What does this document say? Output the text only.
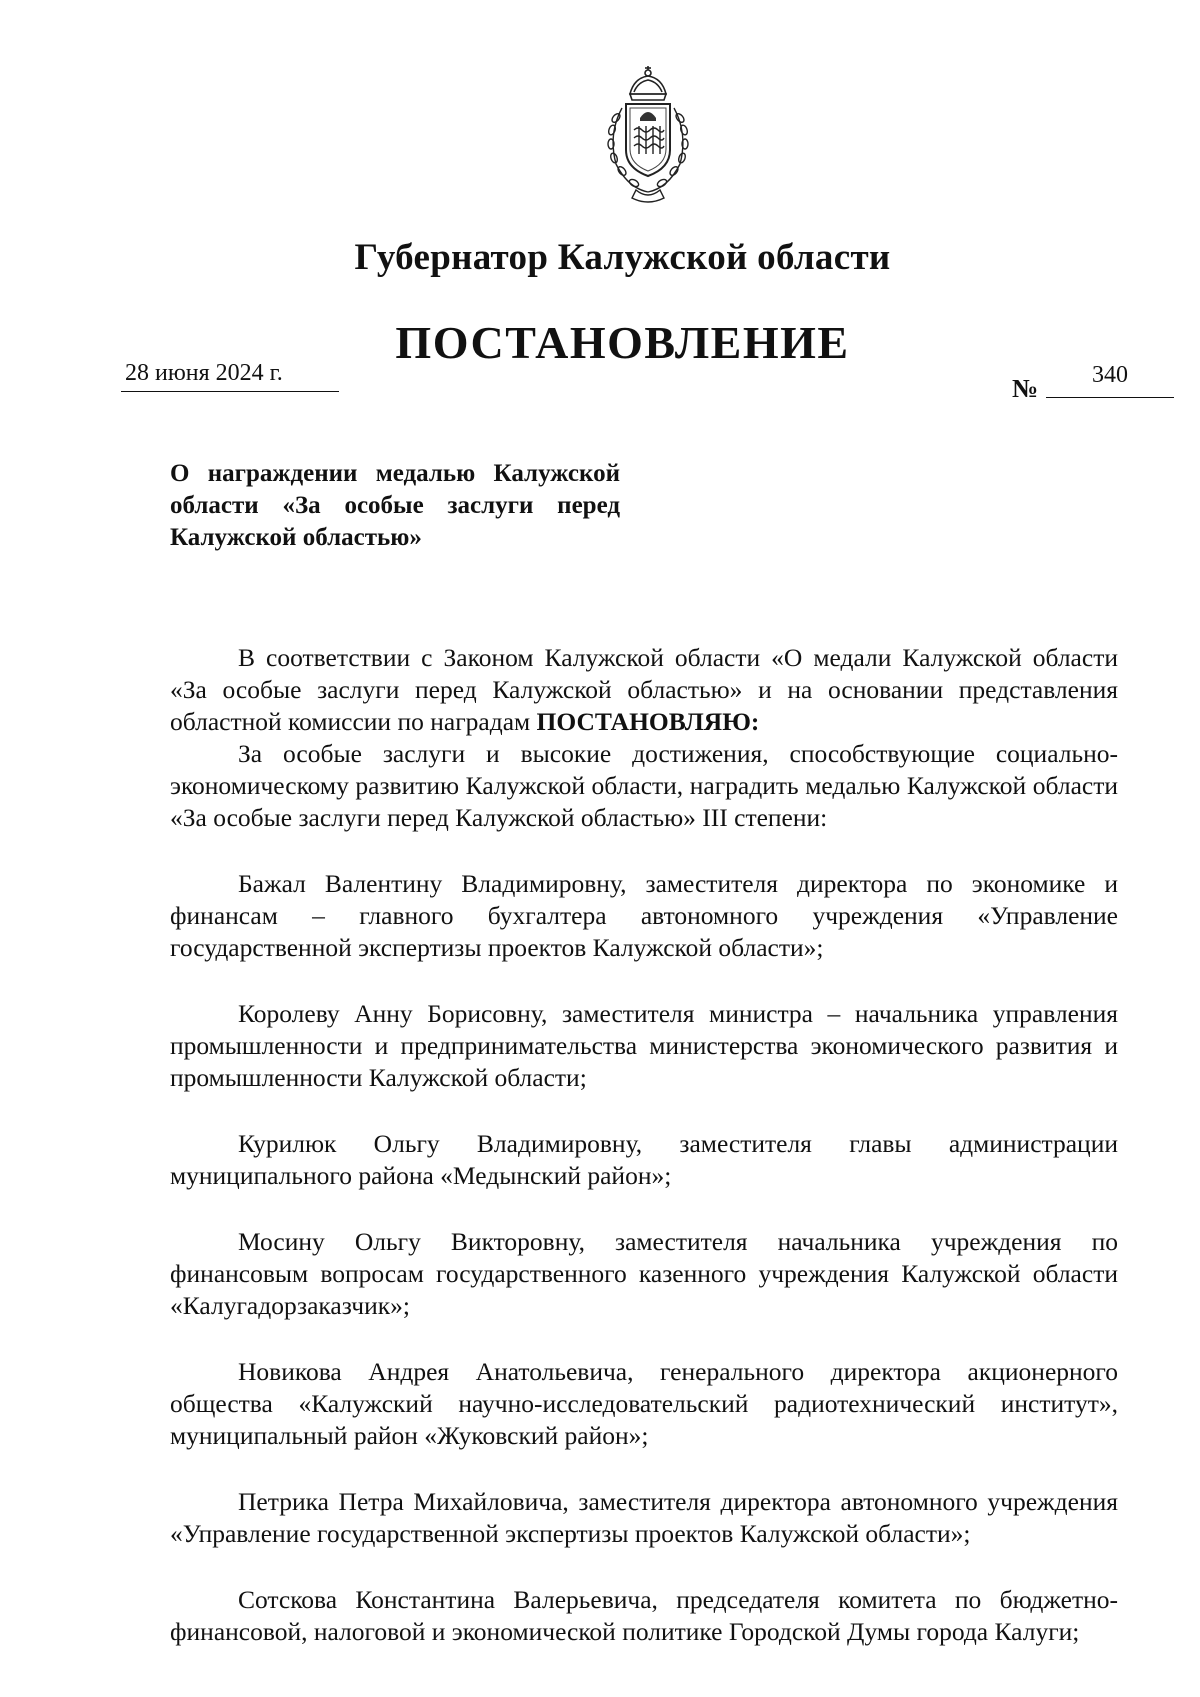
Губернатор Калужской области
ПОСТАНОВЛЕНИЕ
28 июня 2024 г.
№	340
О награждении медалью Калужской области «За особые заслуги перед Калужской областью»

В соответствии с Законом Калужской области «О медали Калужской области «За особые заслуги перед Калужской областью» и на основании представления областной комиссии по наградам ПОСТАНОВЛЯЮ:

За особые заслуги и высокие достижения, способствующие социально-экономическому развитию Калужской области, наградить медалью Калужской области «За особые заслуги перед Калужской областью» III степени:

Бажал Валентину Владимировну, заместителя директора по экономике и финансам – главного бухгалтера автономного учреждения «Управление государственной экспертизы проектов Калужской области»;

Королеву Анну Борисовну, заместителя министра – начальника управления промышленности и предпринимательства министерства экономического развития и промышленности Калужской области;

Курилюк Ольгу Владимировну, заместителя главы администрации муниципального района «Медынский район»;

Мосину Ольгу Викторовну, заместителя начальника учреждения по финансовым вопросам государственного казенного учреждения Калужской области «Калугадорзаказчик»;

Новикова Андрея Анатольевича, генерального директора акционерного общества «Калужский научно-исследовательский радиотехнический институт», муниципальный район «Жуковский район»;

Петрика Петра Михайловича, заместителя директора автономного учреждения «Управление государственной экспертизы проектов Калужской области»;

Сотскова Константина Валерьевича, председателя комитета по бюджетно-финансовой, налоговой и экономической политике Городской Думы города Калуги;
